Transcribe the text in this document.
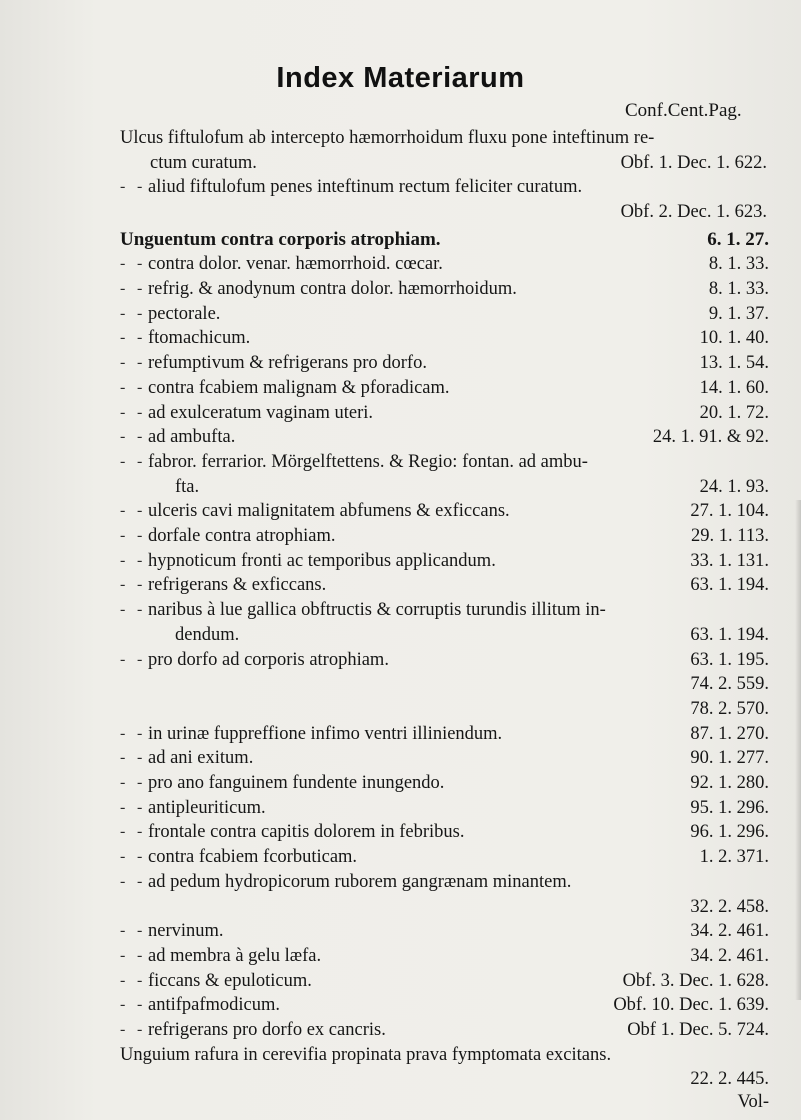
Index Materiarum
Conf.Cent.Pag.
Ulcus fiftulofum ab intercepto hæmorrhoidum fluxu pone inteftinum re-
ctum curatum.	Obf. 1. Dec. 1. 622.
- - aliud fiftulofum penes inteftinum rectum feliciter curatum.
Obf. 2. Dec. 1. 623.
Unguentum contra corporis atrophiam.	6. 1. 27.
- - contra dolor. venar. hæmorrhoid. cœcar.	8. 1. 33.
- - refrig. & anodynum contra dolor. hæmorrhoidum.	8. 1. 33.
- - pectorale.	9. 1. 37.
- - ftomachicum.	10. 1. 40.
- - refumptivum & refrigerans pro dorfo.	13. 1. 54.
- - contra fcabiem malignam & pforadicam.	14. 1. 60.
- - ad exulceratum vaginam uteri.	20. 1. 72.
- - ad ambufta.	24. 1. 91. & 92.
- - fabror. ferrarior. Mörgelftettens. & Regio: fontan. ad ambu-
fta.	24. 1. 93.
- - ulceris cavi malignitatem abfumens & exficcans.	27. 1. 104.
- - dorfale contra atrophiam.	29. 1. 113.
- - hypnoticum fronti ac temporibus applicandum.	33. 1. 131.
- - refrigerans & exficcans.	63. 1. 194.
- - naribus à lue gallica obftructis & corruptis turundis illitum in-
dendum.	63. 1. 194.
- - pro dorfo ad corporis atrophiam.	63. 1. 195.
74. 2. 559.
78. 2. 570.
- - in urinæ fuppreffione infimo ventri illiniendum.	87. 1. 270.
- - ad ani exitum.	90. 1. 277.
- - pro ano fanguinem fundente inungendo.	92. 1. 280.
- - antipleuriticum.	95. 1. 296.
- - frontale contra capitis dolorem in febribus.	96. 1. 296.
- - contra fcabiem fcorbuticam.	1. 2. 371.
- - ad pedum hydropicorum ruborem gangrænam minantem.
32. 2. 458.
- - nervinum.	34. 2. 461.
- - ad membra à gelu læfa.	34. 2. 461.
- - ficcans & epuloticum.	Obf. 3. Dec. 1. 628.
- - antifpafmodicum.	Obf. 10. Dec. 1. 639.
- - refrigerans pro dorfo ex cancris.	Obf 1. Dec. 5. 724.
Unguium rafura in cerevifia propinata prava fymptomata excitans.
22. 2. 445.
Vol-
